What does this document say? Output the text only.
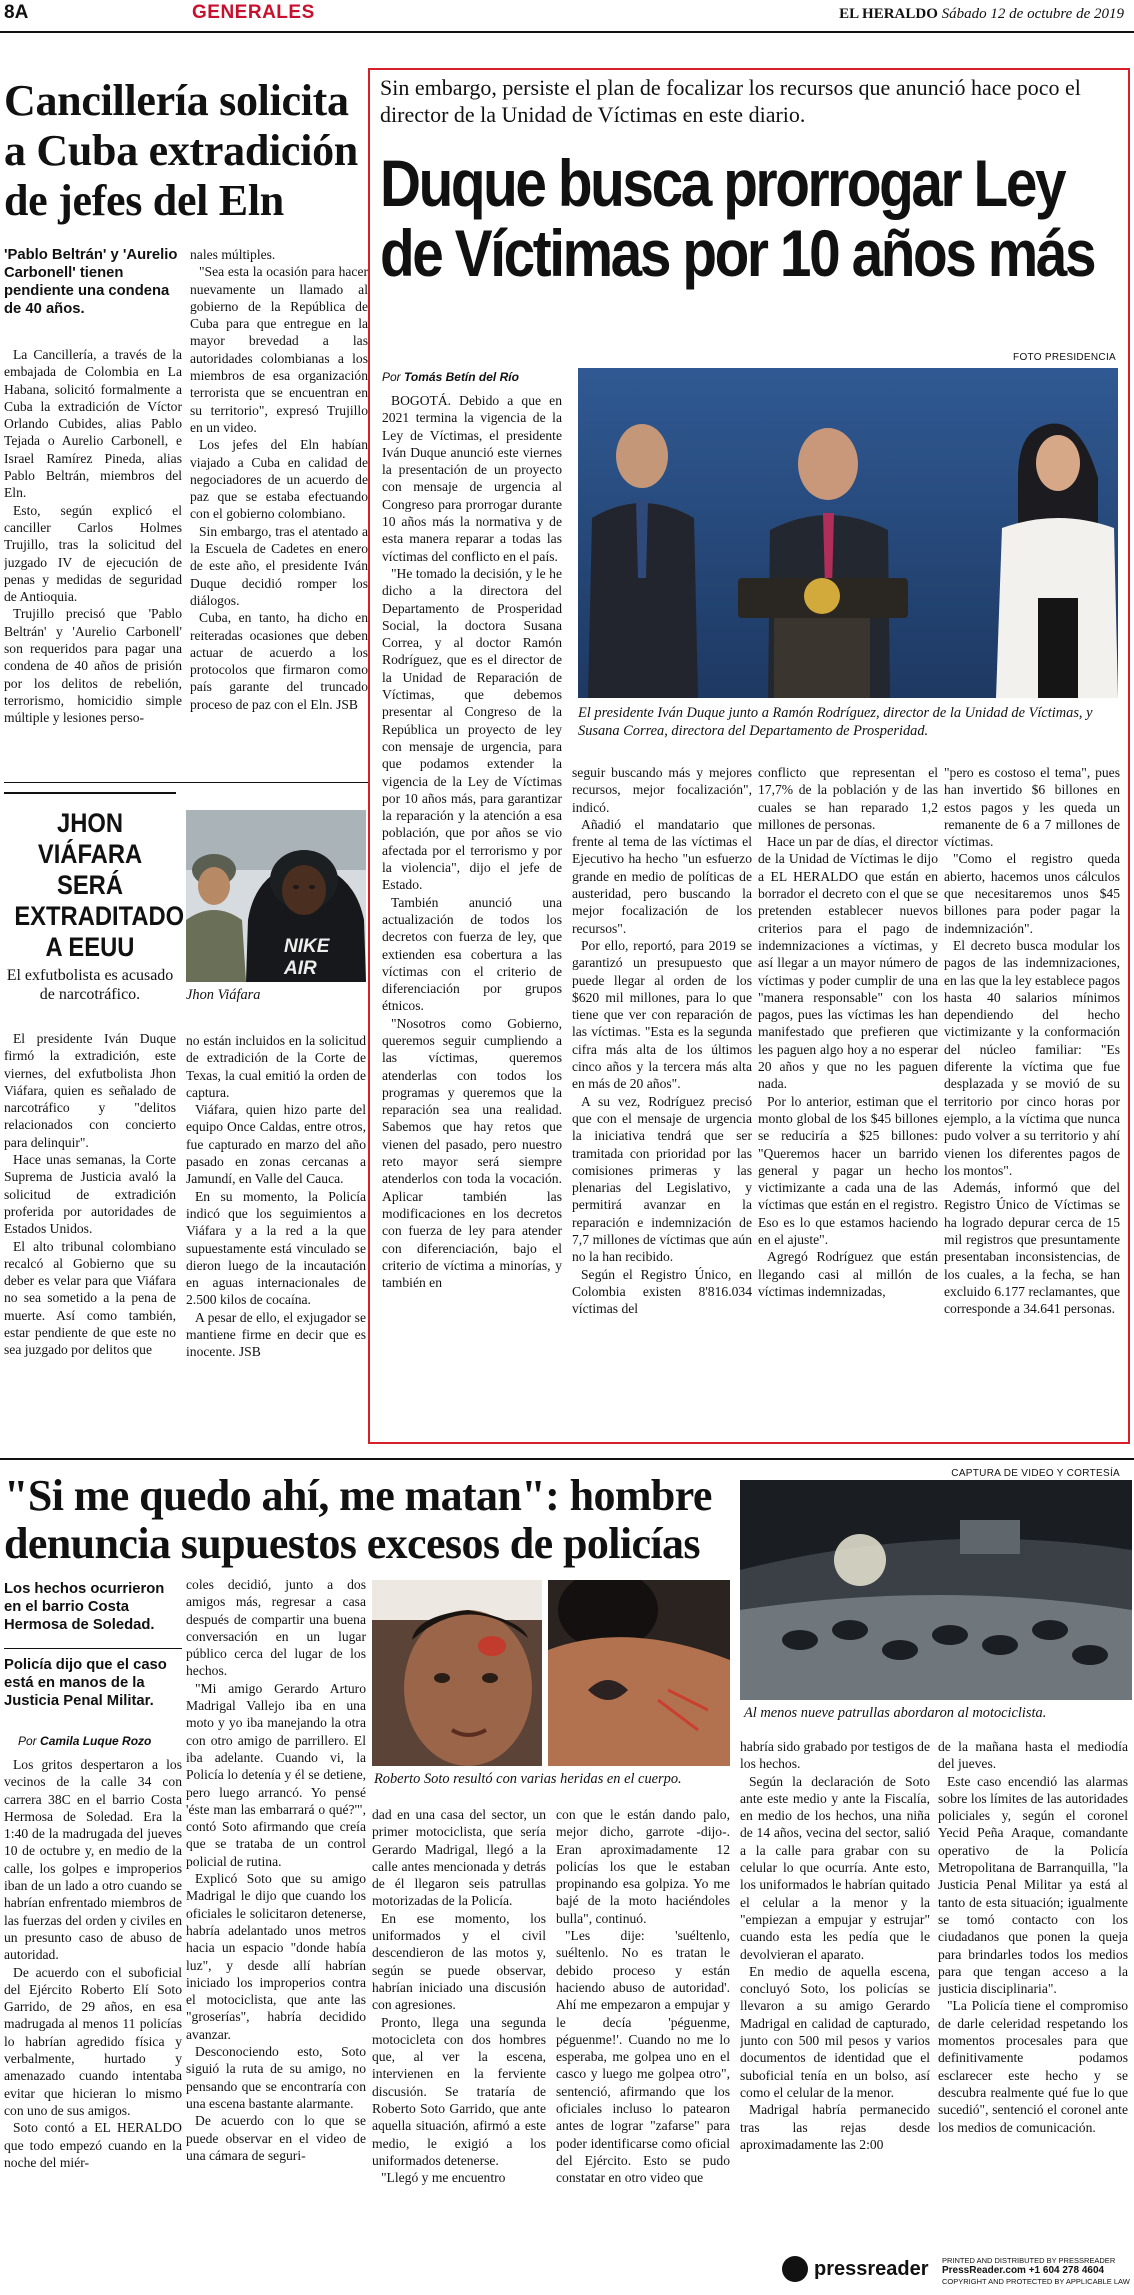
8A	GENERALES	EL HERALDO Sábado 12 de octubre de 2019
Cancillería solicita a Cuba extradición de jefes del Eln
'Pablo Beltrán' y 'Aurelio Carbonell' tienen pendiente una condena de 40 años.

La Cancillería, a través de la embajada de Colombia en La Habana, solicitó formalmente a Cuba la extradición de Víctor Orlando Cubides, alias Pablo Tejada o Aurelio Carbonell, e Israel Ramírez Pineda, alias Pablo Beltrán, miembros del Eln.

Esto, según explicó el canciller Carlos Holmes Trujillo, tras la solicitud del juzgado IV de ejecución de penas y medidas de seguridad de Antioquia.

Trujillo precisó que 'Pablo Beltrán' y 'Aurelio Carbonell' son requeridos para pagar una condena de 40 años de prisión por los delitos de rebelión, terrorismo, homicidio simple múltiple y lesiones perso-

nales múltiples.

"Sea esta la ocasión para hacer nuevamente un llamado al gobierno de la República de Cuba para que entregue en la mayor brevedad a las autoridades colombianas a los miembros de esa organización terrorista que se encuentran en su territorio", expresó Trujillo en un video.

Los jefes del Eln habían viajado a Cuba en calidad de negociadores de un acuerdo de paz que se estaba efectuando con el gobierno colombiano.

Sin embargo, tras el atentado a la Escuela de Cadetes en enero de este año, el presidente Iván Duque decidió romper los diálogos.

Cuba, en tanto, ha dicho en reiteradas ocasiones que deben actuar de acuerdo a los protocolos que firmaron como país garante del truncado proceso de paz con el Eln. JSB

JHON VIÁFARA SERÁ EXTRADITADO A EEUU
El exfutbolista es acusado de narcotráfico.
NIKE AIR
Jhon Viáfara

El presidente Iván Duque firmó la extradición, este viernes, del exfutbolista Jhon Viáfara, quien es señalado de narcotráfico y "delitos relacionados con concierto para delinquir".

Hace unas semanas, la Corte Suprema de Justicia avaló la solicitud de extradición proferida por autoridades de Estados Unidos.

El alto tribunal colombiano recalcó al Gobierno que su deber es velar para que Viáfara no sea sometido a la pena de muerte. Así como también, estar pendiente de que este no sea juzgado por delitos que

no están incluidos en la solicitud de extradición de la Corte de Texas, la cual emitió la orden de captura.

Viáfara, quien hizo parte del equipo Once Caldas, entre otros, fue capturado en marzo del año pasado en zonas cercanas a Jamundí, en Valle del Cauca.

En su momento, la Policía indicó que los seguimientos a Viáfara y a la red a la que supuestamente está vinculado se dieron luego de la incautación en aguas internacionales de 2.500 kilos de cocaína.

A pesar de ello, el exjugador se mantiene firme en decir que es inocente. JSB

Sin embargo, persiste el plan de focalizar los recursos que anunció hace poco el director de la Unidad de Víctimas en este diario.
Duque busca prorrogar Ley
de Víctimas por 10 años más
FOTO PRESIDENCIA
Por Tomás Betín del Río
El presidente Iván Duque junto a Ramón Rodríguez, director de la Unidad de Víctimas, y Susana Correa, directora del Departamento de Prosperidad.

BOGOTÁ. Debido a que en 2021 termina la vigencia de la Ley de Víctimas, el presidente Iván Duque anunció este viernes la presentación de un proyecto con mensaje de urgencia al Congreso para prorrogar durante 10 años más la normativa y de esta manera reparar a todas las víctimas del conflicto en el país.

"He tomado la decisión, y le he dicho a la directora del Departamento de Prosperidad Social, la doctora Susana Correa, y al doctor Ramón Rodríguez, que es el director de la Unidad de Reparación de Víctimas, que debemos presentar al Congreso de la República un proyecto de ley con mensaje de urgencia, para que podamos extender la vigencia de la Ley de Víctimas por 10 años más, para garantizar la reparación y la atención a esa población, que por años se vio afectada por el terrorismo y por la violencia", dijo el jefe de Estado.

También anunció una actualización de todos los decretos con fuerza de ley, que extienden esa cobertura a las víctimas con el criterio de diferenciación por grupos étnicos.

"Nosotros como Gobierno, queremos seguir cumpliendo a las víctimas, queremos atenderlas con todos los programas y queremos que la reparación sea una realidad. Sabemos que hay retos que vienen del pasado, pero nuestro reto mayor será siempre atenderlos con toda la vocación. Aplicar también las modificaciones en los decretos con fuerza de ley para atender con diferenciación, bajo el criterio de víctima a minorías, y también en

seguir buscando más y mejores recursos, mejor focalización", indicó.

Añadió el mandatario que frente al tema de las víctimas el Ejecutivo ha hecho "un esfuerzo grande en medio de políticas de austeridad, pero buscando la mejor focalización de los recursos".

Por ello, reportó, para 2019 se garantizó un presupuesto que puede llegar al orden de los $620 mil millones, para lo que tiene que ver con reparación de las víctimas. "Esta es la segunda cifra más alta de los últimos cinco años y la tercera más alta en más de 20 años".

A su vez, Rodríguez precisó que con el mensaje de urgencia la iniciativa tendrá que ser tramitada con prioridad por las comisiones primeras y las plenarias del Legislativo, y permitirá avanzar en la reparación e indemnización de 7,7 millones de víctimas que aún no la han recibido.

Según el Registro Único, en Colombia existen 8'816.034 víctimas del

conflicto que representan el 17,7% de la población y de las cuales se han reparado 1,2 millones de personas.

Hace un par de días, el director de la Unidad de Víctimas le dijo a EL HERALDO que están en borrador el decreto con el que se pretenden establecer nuevos criterios para el pago de indemnizaciones a víctimas, y así llegar a un mayor número de víctimas y poder cumplir de una "manera responsable" con los pagos, pues las víctimas les han manifestado que prefieren que les paguen algo hoy a no esperar 20 años y que no les paguen nada.

Por lo anterior, estiman que el monto global de los $45 billones se reduciría a $25 billones: "Queremos hacer un barrido general y pagar un hecho victimizante a cada una de las víctimas que están en el registro. Eso es lo que estamos haciendo en el ajuste".

Agregó Rodríguez que están llegando casi al millón de víctimas indemnizadas,

"pero es costoso el tema", pues han invertido $6 billones en estos pagos y les queda un remanente de 6 a 7 millones de víctimas.

"Como el registro queda abierto, hacemos unos cálculos que necesitaremos unos $45 billones para poder pagar la indemnización".

El decreto busca modular los pagos de las indemnizaciones, en las que la ley establece pagos hasta 40 salarios mínimos dependiendo del hecho victimizante y la conformación del núcleo familiar: "Es diferente la víctima que fue desplazada y se movió de su territorio por cinco horas por ejemplo, a la víctima que nunca pudo volver a su territorio y ahí vienen los diferentes pagos de los montos".

Además, informó que del Registro Único de Víctimas se ha logrado depurar cerca de 15 mil registros que presuntamente presentaban inconsistencias, de los cuales, a la fecha, se han excluido 6.177 reclamantes, que corresponde a 34.641 personas.

CAPTURA DE VIDEO Y CORTESÍA
"Si me quedo ahí, me matan": hombre denuncia supuestos excesos de policías
Los hechos ocurrieron en el barrio Costa Hermosa de Soledad.
Policía dijo que el caso está en manos de la Justicia Penal Militar.
Por Camila Luque Rozo

Los gritos despertaron a los vecinos de la calle 34 con carrera 38C en el barrio Costa Hermosa de Soledad. Era la 1:40 de la madrugada del jueves 10 de octubre y, en medio de la calle, los golpes e improperios iban de un lado a otro cuando se habrían enfrentado miembros de las fuerzas del orden y civiles en un presunto caso de abuso de autoridad.

De acuerdo con el suboficial del Ejército Roberto Elí Soto Garrido, de 29 años, en esa madrugada al menos 11 policías lo habrían agredido física y verbalmente, hurtado y amenazado cuando intentaba evitar que hicieran lo mismo con uno de sus amigos.

Soto contó a EL HERALDO que todo empezó cuando en la noche del miér-

coles decidió, junto a dos amigos más, regresar a casa después de compartir una buena conversación en un lugar público cerca del lugar de los hechos.

"Mi amigo Gerardo Arturo Madrigal Vallejo iba en una moto y yo iba manejando la otra con otro amigo de parrillero. El iba adelante. Cuando vi, la Policía lo detenía y él se detiene, pero luego arrancó. Yo pensé 'éste man las embarrará o qué?'", contó Soto afirmando que creía que se trataba de un control policial de rutina.

Explicó Soto que su amigo Madrigal le dijo que cuando los oficiales le solicitaron detenerse, habría adelantado unos metros hacia un espacio "donde había luz", y desde allí habrían iniciado los improperios contra el motociclista, que ante las "groserías", habría decidido avanzar.

Desconociendo esto, Soto siguió la ruta de su amigo, no pensando que se encontraría con una escena bastante alarmante.

De acuerdo con lo que se puede observar en el video de una cámara de seguri-

Roberto Soto resultó con varias heridas en el cuerpo.
Al menos nueve patrullas abordaron al motociclista.

dad en una casa del sector, un primer motociclista, que sería Gerardo Madrigal, llegó a la calle antes mencionada y detrás de él llegaron seis patrullas motorizadas de la Policía.

En ese momento, los uniformados y el civil descendieron de las motos y, según se puede observar, habrían iniciado una discusión con agresiones.

Pronto, llega una segunda motocicleta con dos hombres que, al ver la escena, intervienen en la ferviente discusión. Se trataría de Roberto Soto Garrido, que ante aquella situación, afirmó a este medio, le exigió a los uniformados detenerse.

"Llegó y me encuentro

con que le están dando palo, mejor dicho, garrote -dijo-. Eran aproximadamente 12 policías los que le estaban propinando esa golpiza. Yo me bajé de la moto haciéndoles bulla", continuó.

"Les dije: 'suéltenlo, suéltenlo. No es tratan le debido proceso y están haciendo abuso de autoridad'. Ahí me empezaron a empujar y le decía 'péguenme, péguenme!'. Cuando no me lo esperaba, me golpea uno en el casco y luego me golpea otro", sentenció, afirmando que los oficiales incluso lo patearon antes de lograr "zafarse" para poder identificarse como oficial del Ejército. Esto se pudo constatar en otro video que

habría sido grabado por testigos de los hechos.

Según la declaración de Soto ante este medio y ante la Fiscalía, en medio de los hechos, una niña de 14 años, vecina del sector, salió a la calle para grabar con su celular lo que ocurría. Ante esto, los uniformados le habrían quitado el celular a la menor y la "empiezan a empujar y estrujar" cuando esta les pedía que le devolvieran el aparato.

En medio de aquella escena, concluyó Soto, los policías se llevaron a su amigo Gerardo Madrigal en calidad de capturado, junto con 500 mil pesos y varios documentos de identidad que el suboficial tenía en un bolso, así como el celular de la menor.

Madrigal habría permanecido tras las rejas desde aproximadamente las 2:00

de la mañana hasta el mediodía del jueves.

Este caso encendió las alarmas sobre los límites de las autoridades policiales y, según el coronel Yecid Peña Araque, comandante operativo de la Policía Metropolitana de Barranquilla, "la Justicia Penal Militar ya está al tanto de esta situación; igualmente se tomó contacto con los ciudadanos que ponen la queja para brindarles todos los medios para que tengan acceso a la justicia disciplinaria".

"La Policía tiene el compromiso de darle celeridad respetando los momentos procesales para que definitivamente podamos esclarecer este hecho y se descubra realmente qué fue lo que sucedió", sentenció el coronel ante los medios de comunicación.

pressreader PRINTED AND DISTRIBUTED BY PRESSREADER
PressReader.com +1 604 278 4604
COPYRIGHT AND PROTECTED BY APPLICABLE LAW
